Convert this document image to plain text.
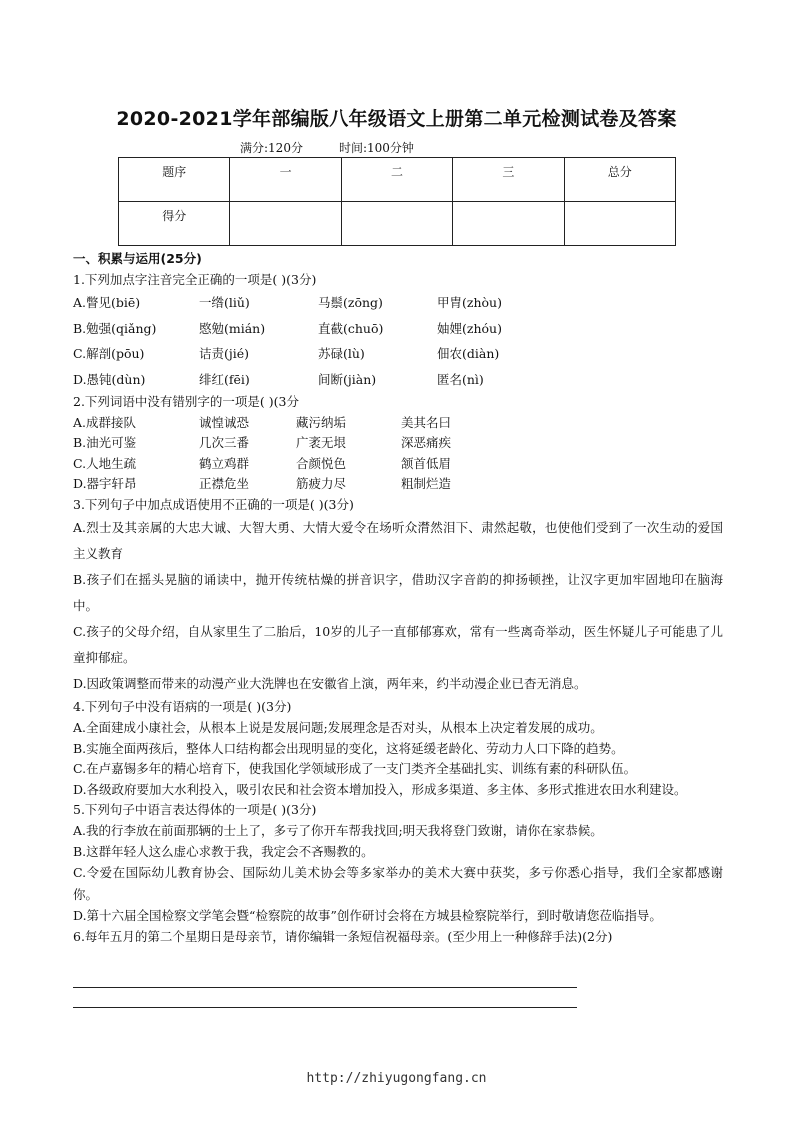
2020-2021学年部编版八年级语文上册第二单元检测试卷及答案
满分:120分	时间:100分钟
题序	一	二	三	总分
得分				
一、积累与运用(25分)
1.下列加点字注音完全正确的一项是( )(3分)
A.瞥见(biē)	一绺(liǔ)	马鬃(zōng)	甲胄(zhòu)
B.勉强(qiǎng)	愍勉(mián)	直截(chuō)	妯娌(zhóu)
C.解剖(pōu)	诘责(jié)	苏碌(lù)	佃农(diàn)
D.愚钝(dùn)	绯红(fēi)	间断(jiàn)	匿名(nì)
2.下列词语中没有错别字的一项是( )(3分
A.成群接队	诚惶诚恐	藏污纳垢	美其名曰
B.油光可鉴	几次三番	广袤无垠	深恶痛疾
C.人地生疏	鹤立鸡群	合颜悦色	颔首低眉
D.器宇轩昂	正襟危坐	筋疲力尽	粗制烂造
3.下列句子中加点成语使用不正确的一项是( )(3分)
A.烈士及其亲属的大忠大诚、大智大勇、大情大爱令在场听众潸然泪下、肃然起敬，也使他们受到了一次生动的爱国主义教育
B.孩子们在摇头晃脑的诵读中，抛开传统枯燥的拼音识字，借助汉字音韵的抑扬顿挫，让汉字更加牢固地印在脑海中。
C.孩子的父母介绍，自从家里生了二胎后，10岁的儿子一直郁郁寡欢，常有一些离奇举动，医生怀疑儿子可能患了儿童抑郁症。
D.因政策调整而带来的动漫产业大洗牌也在安徽省上演，两年来，约半动漫企业已杳无消息。
4.下列句子中没有语病的一项是( )(3分)
A.全面建成小康社会，从根本上说是发展问题;发展理念是否对头，从根本上决定着发展的成功。
B.实施全面两孩后，整体人口结构都会出现明显的变化，这将延缓老龄化、劳动力人口下降的趋势。
C.在卢嘉锡多年的精心培育下，使我国化学领域形成了一支门类齐全基础扎实、训练有素的科研队伍。
D.各级政府要加大水利投入，吸引农民和社会资本增加投入，形成多渠道、多主体、多形式推进农田水利建设。
5.下列句子中语言表达得体的一项是( )(3分)
A.我的行李放在前面那辆的士上了，多亏了你开车帮我找回;明天我将登门致谢，请你在家恭候。
B.这群年轻人这么虚心求教于我，我定会不吝赐教的。
C.令爱在国际幼儿教育协会、国际幼儿美术协会等多家举办的美术大赛中获奖，多亏你悉心指导，我们全家都感谢你。
D.第十六届全国检察文学笔会暨“检察院的故事”创作研讨会将在方城县检察院举行，到时敬请您莅临指导。
6.每年五月的第二个星期日是母亲节，请你编辑一条短信祝福母亲。(至少用上一种修辞手法)(2分)
http://zhiyugongfang.cn
